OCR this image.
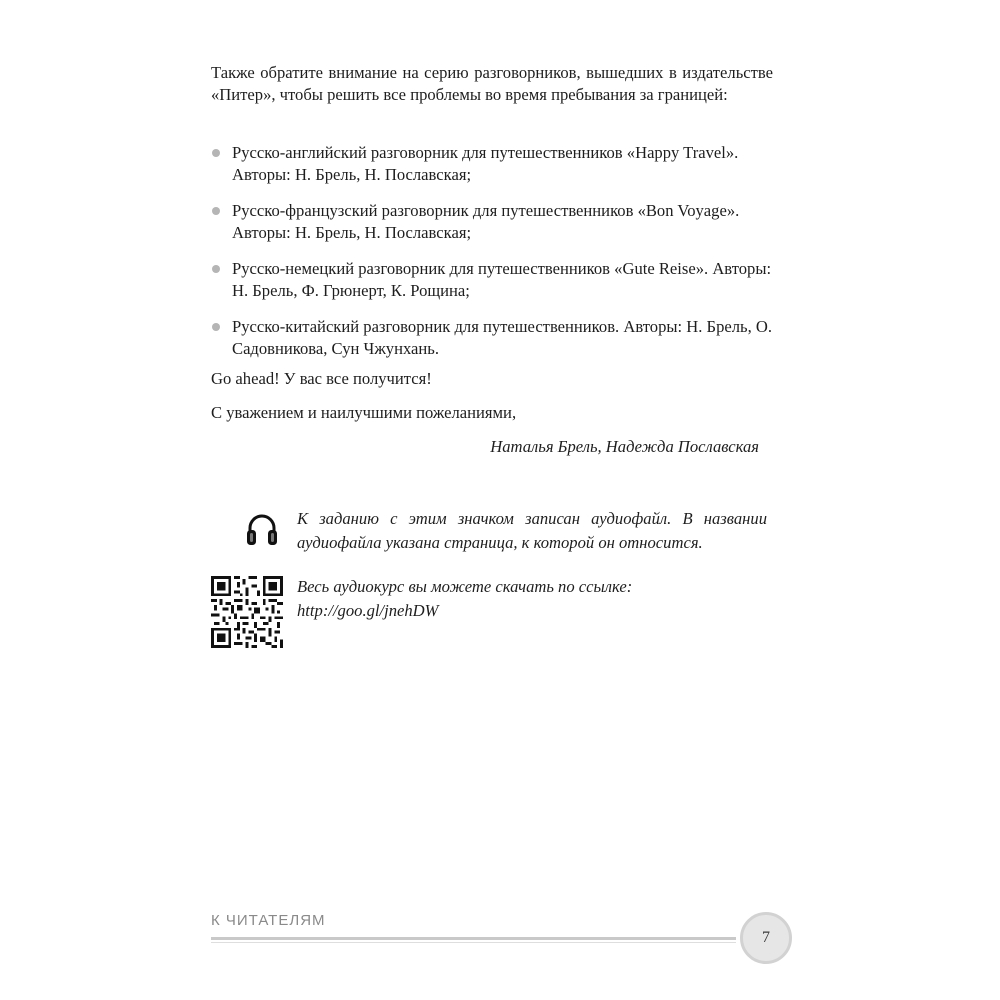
Также обратите внимание на серию разговорников, вышедших в издательстве «Питер», чтобы решить все проблемы во время пребывания за границей:

Русско-английский разговорник для путешественников «Happy Travel». Авторы: Н. Брель, Н. Пославская;
Русско-французский разговорник для путешественников «Bon Voyage». Авторы: Н. Брель, Н. Пославская;
Русско-немецкий разговорник для путешественников «Gute Reise». Авторы: Н. Брель, Ф. Грюнерт, К. Рощина;
Русско-китайский разговорник для путешественников. Авторы: Н. Брель, О. Садовникова, Сун Чжунхань.

Go ahead! У вас все получится!

С уважением и наилучшими пожеланиями,

Наталья Брель, Надежда Пославская

К заданию с этим значком записан аудиофайл. В названии аудиофайла указана страница, к которой он относится.

Весь аудиокурс вы можете скачать по ссылке:
http://goo.gl/jnehDW

К ЧИТАТЕЛЯМ

7
